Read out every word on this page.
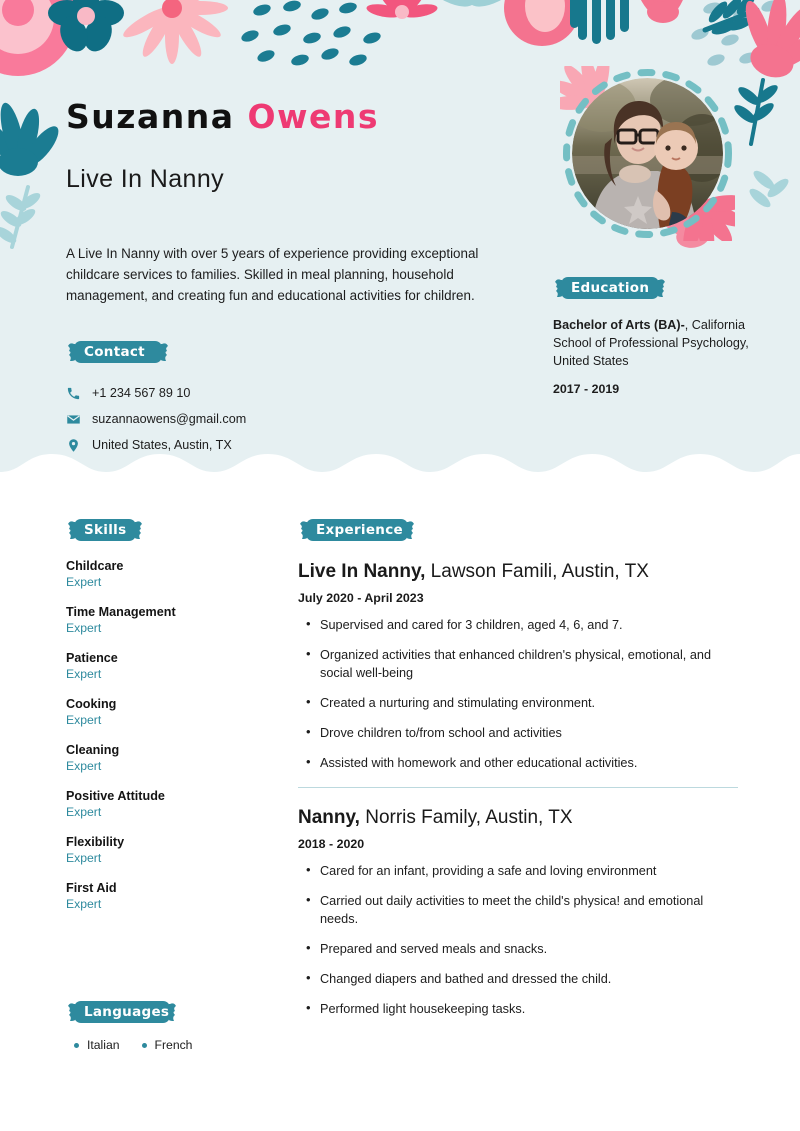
Suzanna Owens
Live In Nanny
A Live In Nanny with over 5 years of experience providing exceptional childcare services to families. Skilled in meal planning, household management, and creating fun and educational activities for children.
Contact
+1 234 567 89 10
suzannaowens@gmail.com
United States, Austin, TX
Education
Bachelor of Arts (BA)-, California School of Professional Psychology, United States
2017 - 2019
Skills
Childcare
Expert
Time Management
Expert
Patience
Expert
Cooking
Expert
Cleaning
Expert
Positive Attitude
Expert
Flexibility
Expert
First Aid
Expert
Languages
Italian	French
Experience
Live In Nanny, Lawson Famili, Austin, TX
July 2020 - April 2023
• Supervised and cared for 3 children, aged 4, 6, and 7.
• Organized activities that enhanced children's physical, emotional, and social well-being
• Created a nurturing and stimulating environment.
• Drove children to/from school and activities
• Assisted with homework and other educational activities.
Nanny, Norris Family, Austin, TX
2018 - 2020
• Cared for an infant, providing a safe and loving environment
• Carried out daily activities to meet the child's physica! and emotional needs.
• Prepared and served meals and snacks.
• Changed diapers and bathed and dressed the child.
• Performed light housekeeping tasks.
